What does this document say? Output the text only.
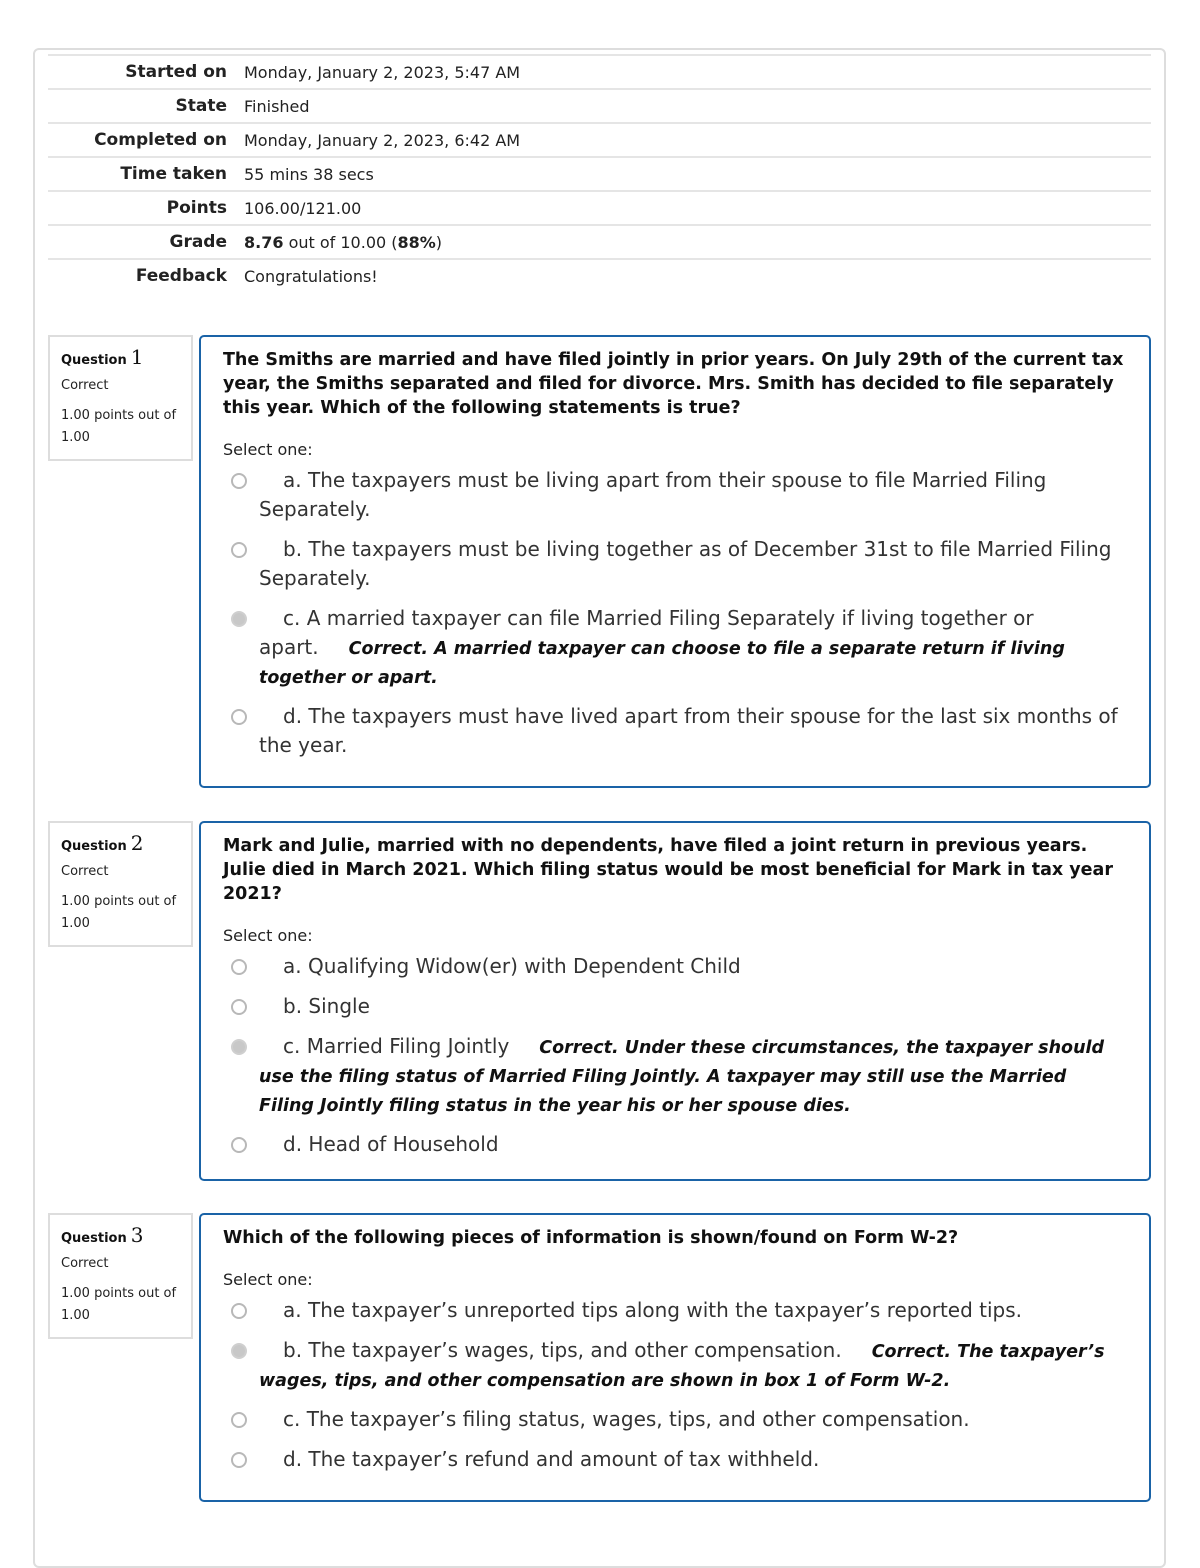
Started on	Monday, January 2, 2023, 5:47 AM
State	Finished
Completed on	Monday, January 2, 2023, 6:42 AM
Time taken	55 mins 38 secs
Points	106.00/121.00
Grade	8.76 out of 10.00 (88%)
Feedback	Congratulations!
Question 1
Correct
1.00 points out of 1.00
The Smiths are married and have filed jointly in prior years. On July 29th of the current tax year, the Smiths separated and filed for divorce. Mrs. Smith has decided to file separately this year. Which of the following statements is true?
Select one:
a. The taxpayers must be living apart from their spouse to file Married Filing Separately.
b. The taxpayers must be living together as of December 31st to file Married Filing Separately.
c. A married taxpayer can file Married Filing Separately if living together or apart. Correct. A married taxpayer can choose to file a separate return if living together or apart.
d. The taxpayers must have lived apart from their spouse for the last six months of the year.
Question 2
Correct
1.00 points out of 1.00
Mark and Julie, married with no dependents, have filed a joint return in previous years. Julie died in March 2021. Which filing status would be most beneficial for Mark in tax year 2021?
Select one:
a. Qualifying Widow(er) with Dependent Child
b. Single
c. Married Filing Jointly Correct. Under these circumstances, the taxpayer should use the filing status of Married Filing Jointly. A taxpayer may still use the Married Filing Jointly filing status in the year his or her spouse dies.
d. Head of Household
Question 3
Correct
1.00 points out of 1.00
Which of the following pieces of information is shown/found on Form W-2?
Select one:
a. The taxpayer’s unreported tips along with the taxpayer’s reported tips.
b. The taxpayer’s wages, tips, and other compensation. Correct. The taxpayer’s wages, tips, and other compensation are shown in box 1 of Form W-2.
c. The taxpayer’s filing status, wages, tips, and other compensation.
d. The taxpayer’s refund and amount of tax withheld.
